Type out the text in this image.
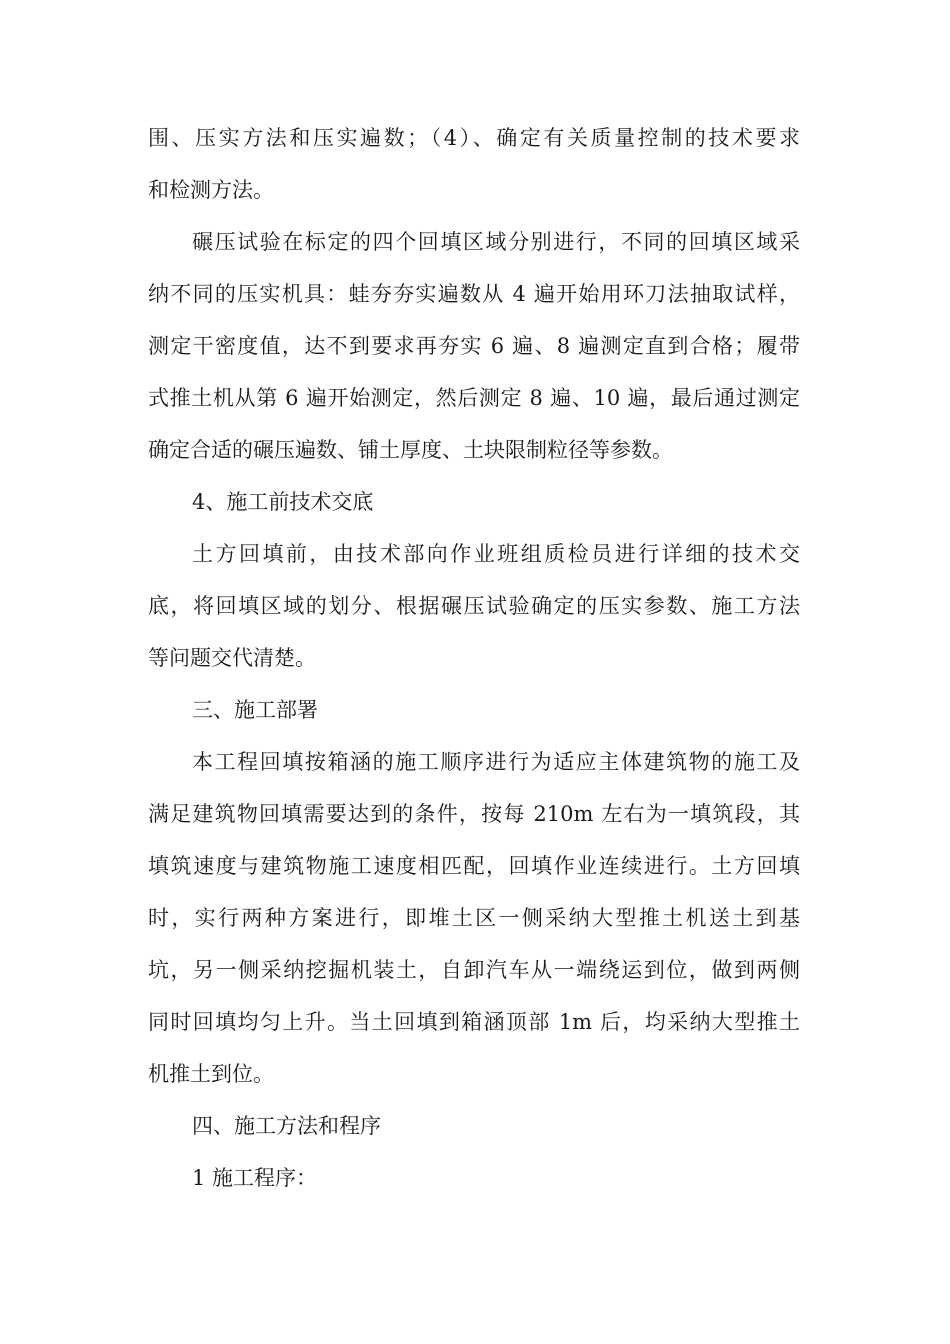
围、压实方法和压实遍数；（4）、确定有关质量控制的技术要求
和检测方法。
碾压试验在标定的四个回填区域分别进行，不同的回填区域采
纳不同的压实机具：蛙夯夯实遍数从 4 遍开始用环刀法抽取试样，
测定干密度值，达不到要求再夯实 6 遍、8 遍测定直到合格；履带
式推土机从第 6 遍开始测定，然后测定 8 遍、10 遍，最后通过测定
确定合适的碾压遍数、铺土厚度、土块限制粒径等参数。
4、施工前技术交底
土方回填前，由技术部向作业班组质检员进行详细的技术交
底，将回填区域的划分、根据碾压试验确定的压实参数、施工方法
等问题交代清楚。
三、施工部署
本工程回填按箱涵的施工顺序进行为适应主体建筑物的施工及
满足建筑物回填需要达到的条件，按每 210m 左右为一填筑段，其
填筑速度与建筑物施工速度相匹配，回填作业连续进行。土方回填
时，实行两种方案进行，即堆土区一侧采纳大型推土机送土到基
坑，另一侧采纳挖掘机装土，自卸汽车从一端绕运到位，做到两侧
同时回填均匀上升。当土回填到箱涵顶部 1m 后，均采纳大型推土
机推土到位。
四、施工方法和程序
1 施工程序：
